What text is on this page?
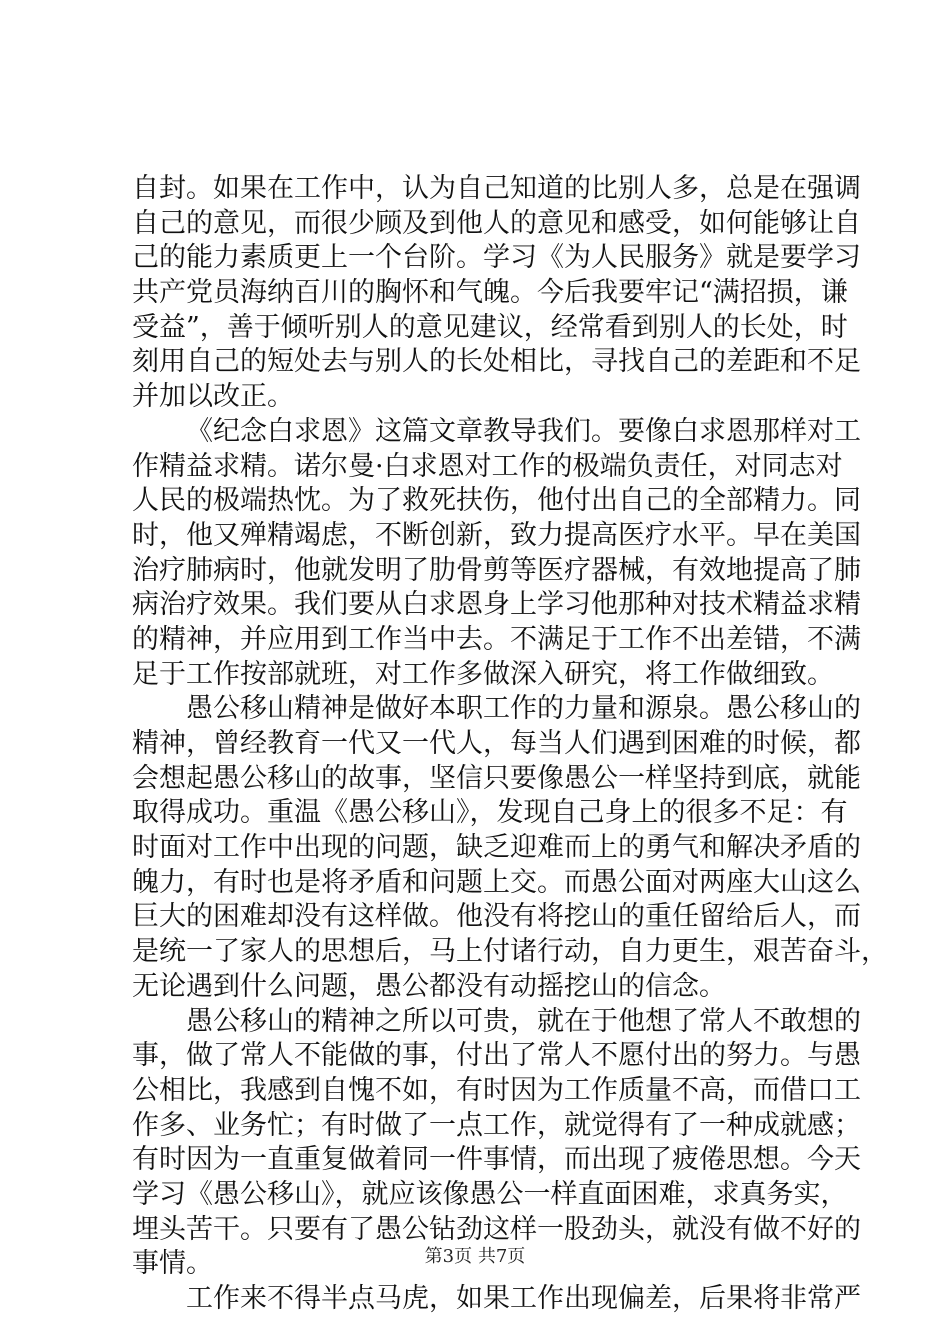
自封。如果在工作中，认为自己知道的比别人多，总是在强调
自己的意见，而很少顾及到他人的意见和感受，如何能够让自
己的能力素质更上一个台阶。学习《为人民服务》就是要学习
共产党员海纳百川的胸怀和气魄。今后我要牢记“满招损，谦
受益”，善于倾听别人的意见建议，经常看到别人的长处，时
刻用自己的短处去与别人的长处相比，寻找自己的差距和不足
并加以改正。
《纪念白求恩》这篇文章教导我们。要像白求恩那样对工
作精益求精。诺尔曼·白求恩对工作的极端负责任，对同志对
人民的极端热忱。为了救死扶伤，他付出自己的全部精力。同
时，他又殚精竭虑，不断创新，致力提高医疗水平。早在美国
治疗肺病时，他就发明了肋骨剪等医疗器械，有效地提高了肺
病治疗效果。我们要从白求恩身上学习他那种对技术精益求精
的精神，并应用到工作当中去。不满足于工作不出差错，不满
足于工作按部就班，对工作多做深入研究，将工作做细致。
愚公移山精神是做好本职工作的力量和源泉。愚公移山的
精神，曾经教育一代又一代人，每当人们遇到困难的时候，都
会想起愚公移山的故事，坚信只要像愚公一样坚持到底，就能
取得成功。重温《愚公移山》，发现自己身上的很多不足：有
时面对工作中出现的问题，缺乏迎难而上的勇气和解决矛盾的
魄力，有时也是将矛盾和问题上交。而愚公面对两座大山这么
巨大的困难却没有这样做。他没有将挖山的重任留给后人，而
是统一了家人的思想后，马上付诸行动，自力更生，艰苦奋斗，
无论遇到什么问题，愚公都没有动摇挖山的信念。
愚公移山的精神之所以可贵，就在于他想了常人不敢想的
事，做了常人不能做的事，付出了常人不愿付出的努力。与愚
公相比，我感到自愧不如，有时因为工作质量不高，而借口工
作多、业务忙；有时做了一点工作，就觉得有了一种成就感；
有时因为一直重复做着同一件事情，而出现了疲倦思想。今天
学习《愚公移山》，就应该像愚公一样直面困难，求真务实，
埋头苦干。只要有了愚公钻劲这样一股劲头，就没有做不好的
事情。
工作来不得半点马虎，如果工作出现偏差，后果将非常严
第3页 共7页
